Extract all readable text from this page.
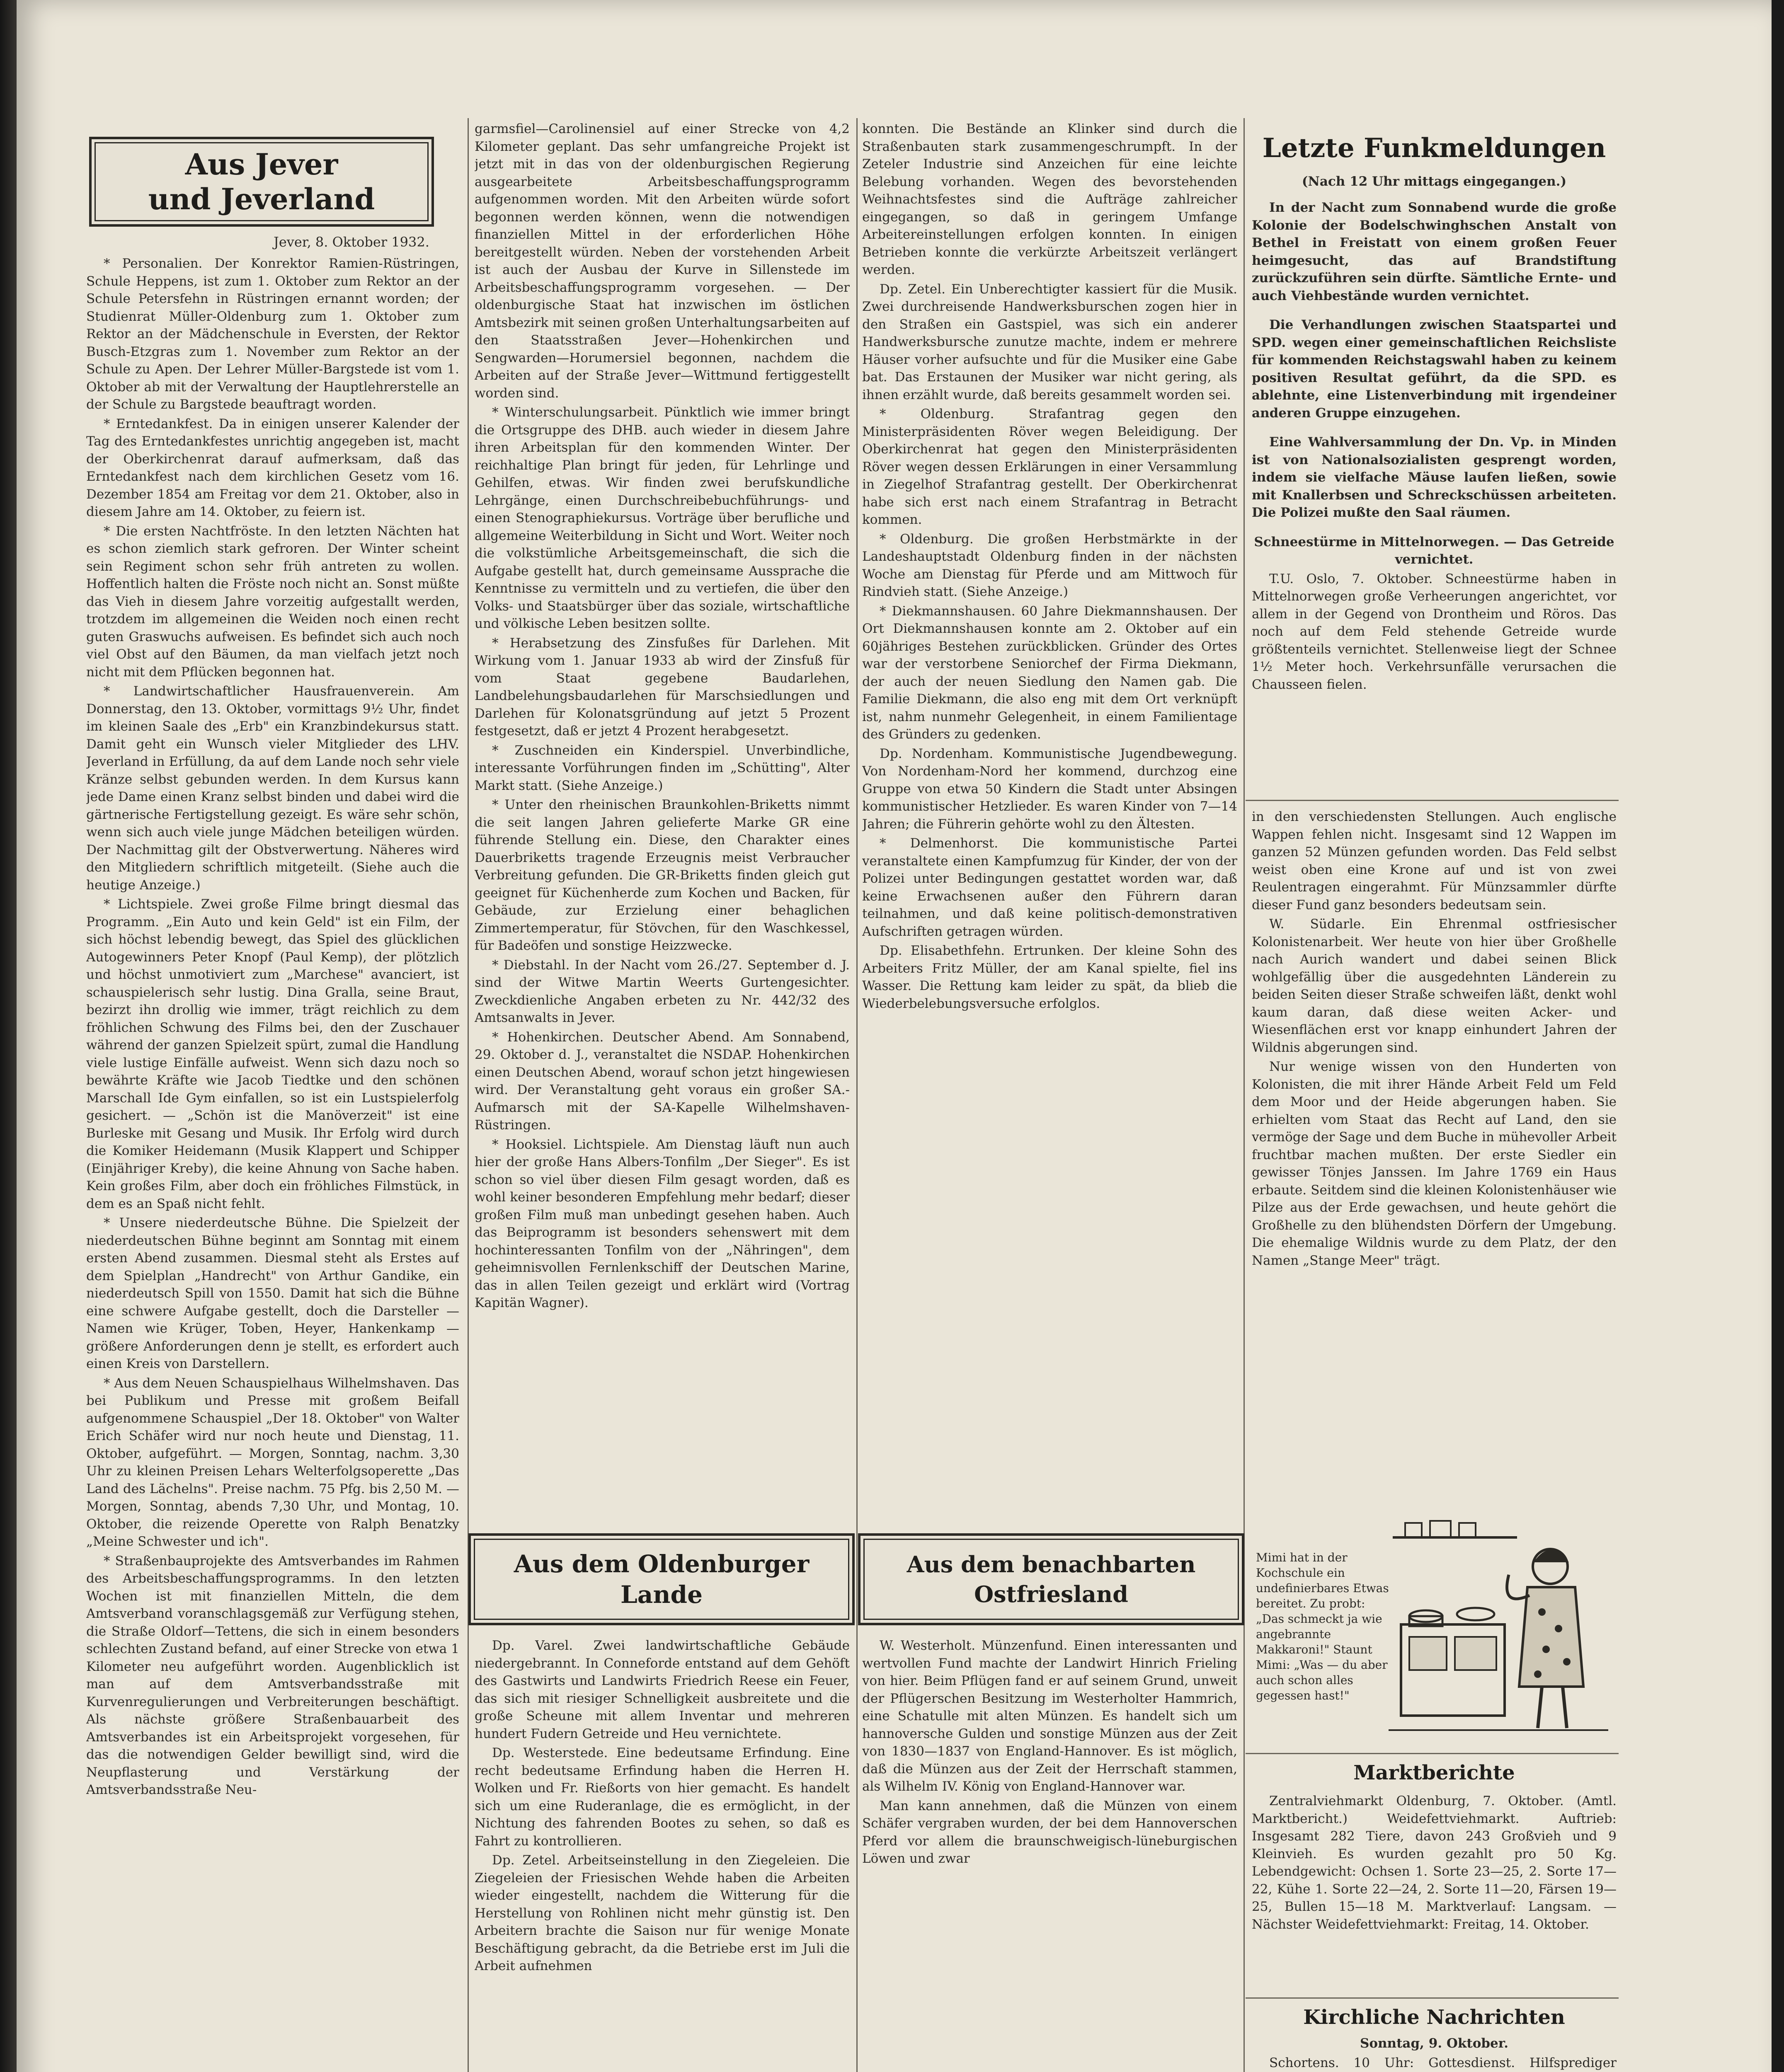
Aus Jever
und Jeverland
Jever, 8. Oktober 1932.

* Personalien. Der Konrektor Ramien-Rüstringen, Schule Heppens, ist zum 1. Oktober zum Rektor an der Schule Petersfehn in Rüstringen ernannt worden; der Studienrat Müller-Oldenburg zum 1. Oktober zum Rektor an der Mädchenschule in Eversten, der Rektor Busch-Etzgras zum 1. November zum Rektor an der Schule zu Apen. Der Lehrer Müller-Bargstede ist vom 1. Oktober ab mit der Verwaltung der Hauptlehrerstelle an der Schule zu Bargstede beauftragt worden.

* Erntedankfest. Da in einigen unserer Kalender der Tag des Erntedankfestes unrichtig angegeben ist, macht der Oberkirchenrat darauf aufmerksam, daß das Erntedankfest nach dem kirchlichen Gesetz vom 16. Dezember 1854 am Freitag vor dem 21. Oktober, also in diesem Jahre am 14. Oktober, zu feiern ist.

* Die ersten Nachtfröste. In den letzten Nächten hat es schon ziemlich stark gefroren. Der Winter scheint sein Regiment schon sehr früh antreten zu wollen. Hoffentlich halten die Fröste noch nicht an. Sonst müßte das Vieh in diesem Jahre vorzeitig aufgestallt werden, trotzdem im allgemeinen die Weiden noch einen recht guten Graswuchs aufweisen. Es befindet sich auch noch viel Obst auf den Bäumen, da man vielfach jetzt noch nicht mit dem Pflücken begonnen hat.

* Landwirtschaftlicher Hausfrauenverein. Am Donnerstag, den 13. Oktober, vormittags 9½ Uhr, findet im kleinen Saale des „Erb" ein Kranzbindekursus statt. Damit geht ein Wunsch vieler Mitglieder des LHV. Jeverland in Erfüllung, da auf dem Lande noch sehr viele Kränze selbst gebunden werden. In dem Kursus kann jede Dame einen Kranz selbst binden und dabei wird die gärtnerische Fertigstellung gezeigt. Es wäre sehr schön, wenn sich auch viele junge Mädchen beteiligen würden. Der Nachmittag gilt der Obstverwertung. Näheres wird den Mitgliedern schriftlich mitgeteilt. (Siehe auch die heutige Anzeige.)

* Lichtspiele. Zwei große Filme bringt diesmal das Programm. „Ein Auto und kein Geld" ist ein Film, der sich höchst lebendig bewegt, das Spiel des glücklichen Autogewinners Peter Knopf (Paul Kemp), der plötzlich und höchst unmotiviert zum „Marchese" avanciert, ist schauspielerisch sehr lustig. Dina Gralla, seine Braut, bezirzt ihn drollig wie immer, trägt reichlich zu dem fröhlichen Schwung des Films bei, den der Zuschauer während der ganzen Spielzeit spürt, zumal die Handlung viele lustige Einfälle aufweist. Wenn sich dazu noch so bewährte Kräfte wie Jacob Tiedtke und den schönen Marschall Ide Gym einfallen, so ist ein Lustspielerfolg gesichert. — „Schön ist die Manöverzeit" ist eine Burleske mit Gesang und Musik. Ihr Erfolg wird durch die Komiker Heidemann (Musik Klappert und Schipper (Einjähriger Kreby), die keine Ahnung von Sache haben. Kein großes Film, aber doch ein fröhliches Filmstück, in dem es an Spaß nicht fehlt.

* Unsere niederdeutsche Bühne. Die Spielzeit der niederdeutschen Bühne beginnt am Sonntag mit einem ersten Abend zusammen. Diesmal steht als Erstes auf dem Spielplan „Handrecht" von Arthur Gandike, ein niederdeutsch Spill von 1550. Damit hat sich die Bühne eine schwere Aufgabe gestellt, doch die Darsteller — Namen wie Krüger, Toben, Heyer, Hankenkamp — größere Anforderungen denn je stellt, es erfordert auch einen Kreis von Darstellern.

* Aus dem Neuen Schauspielhaus Wilhelmshaven. Das bei Publikum und Presse mit großem Beifall aufgenommene Schauspiel „Der 18. Oktober" von Walter Erich Schäfer wird nur noch heute und Dienstag, 11. Oktober, aufgeführt. — Morgen, Sonntag, nachm. 3,30 Uhr zu kleinen Preisen Lehars Welterfolgsoperette „Das Land des Lächelns". Preise nachm. 75 Pfg. bis 2,50 M. — Morgen, Sonntag, abends 7,30 Uhr, und Montag, 10. Oktober, die reizende Operette von Ralph Benatzky „Meine Schwester und ich".

* Straßenbauprojekte des Amtsverbandes im Rahmen des Arbeitsbeschaffungsprogramms. In den letzten Wochen ist mit finanziellen Mitteln, die dem Amtsverband voranschlagsgemäß zur Verfügung stehen, die Straße Oldorf—Tettens, die sich in einem besonders schlechten Zustand befand, auf einer Strecke von etwa 1 Kilometer neu aufgeführt worden. Augenblicklich ist man auf dem Amtsverbandsstraße mit Kurvenregulierungen und Verbreiterungen beschäftigt. Als nächste größere Straßenbauarbeit des Amtsverbandes ist ein Arbeitsprojekt vorgesehen, für das die notwendigen Gelder bewilligt sind, wird die Neupflasterung und Verstärkung der Amtsverbandsstraße Neu-

garmsfiel—Carolinensiel auf einer Strecke von 4,2 Kilometer geplant. Das sehr umfangreiche Projekt ist jetzt mit in das von der oldenburgischen Regierung ausgearbeitete Arbeitsbeschaffungsprogramm aufgenommen worden. Mit den Arbeiten würde sofort begonnen werden können, wenn die notwendigen finanziellen Mittel in der erforderlichen Höhe bereitgestellt würden. Neben der vorstehenden Arbeit ist auch der Ausbau der Kurve in Sillenstede im Arbeitsbeschaffungsprogramm vorgesehen. — Der oldenburgische Staat hat inzwischen im östlichen Amtsbezirk mit seinen großen Unterhaltungsarbeiten auf den Staatsstraßen Jever—Hohenkirchen und Sengwarden—Horumersiel begonnen, nachdem die Arbeiten auf der Straße Jever—Wittmund fertiggestellt worden sind.

* Winterschulungsarbeit. Pünktlich wie immer bringt die Ortsgruppe des DHB. auch wieder in diesem Jahre ihren Arbeitsplan für den kommenden Winter. Der reichhaltige Plan bringt für jeden, für Lehrlinge und Gehilfen, etwas. Wir finden zwei berufskundliche Lehrgänge, einen Durchschreibebuchführungs- und einen Stenographiekursus. Vorträge über berufliche und allgemeine Weiterbildung in Sicht und Wort. Weiter noch die volkstümliche Arbeitsgemeinschaft, die sich die Aufgabe gestellt hat, durch gemeinsame Aussprache die Kenntnisse zu vermitteln und zu vertiefen, die über den Volks- und Staatsbürger über das soziale, wirtschaftliche und völkische Leben besitzen sollte.

* Herabsetzung des Zinsfußes für Darlehen. Mit Wirkung vom 1. Januar 1933 ab wird der Zinsfuß für vom Staat gegebene Baudarlehen, Landbelehungsbaudarlehen für Marschsiedlungen und Darlehen für Kolonatsgründung auf jetzt 5 Prozent festgesetzt, daß er jetzt 4 Prozent herabgesetzt.

* Zuschneiden ein Kinderspiel. Unverbindliche, interessante Vorführungen finden im „Schütting", Alter Markt statt. (Siehe Anzeige.)

* Unter den rheinischen Braunkohlen-Briketts nimmt die seit langen Jahren gelieferte Marke GR eine führende Stellung ein. Diese, den Charakter eines Dauerbriketts tragende Erzeugnis meist Verbraucher Verbreitung gefunden. Die GR-Briketts finden gleich gut geeignet für Küchenherde zum Kochen und Backen, für Gebäude, zur Erzielung einer behaglichen Zimmertemperatur, für Stövchen, für den Waschkessel, für Badeöfen und sonstige Heizzwecke.

* Diebstahl. In der Nacht vom 26./27. September d. J. sind der Witwe Martin Weerts Gurtengesichter. Zweckdienliche Angaben erbeten zu Nr. 442/32 des Amtsanwalts in Jever.

* Hohenkirchen. Deutscher Abend. Am Sonnabend, 29. Oktober d. J., veranstaltet die NSDAP. Hohenkirchen einen Deutschen Abend, worauf schon jetzt hingewiesen wird. Der Veranstaltung geht voraus ein großer SA.-Aufmarsch mit der SA-Kapelle Wilhelmshaven-Rüstringen.

* Hooksiel. Lichtspiele. Am Dienstag läuft nun auch hier der große Hans Albers-Tonfilm „Der Sieger". Es ist schon so viel über diesen Film gesagt worden, daß es wohl keiner besonderen Empfehlung mehr bedarf; dieser großen Film muß man unbedingt gesehen haben. Auch das Beiprogramm ist besonders sehenswert mit dem hochinteressanten Tonfilm von der „Nähringen", dem geheimnisvollen Fernlenkschiff der Deutschen Marine, das in allen Teilen gezeigt und erklärt wird (Vortrag Kapitän Wagner).

Aus dem Oldenburger
Lande

Dp. Varel. Zwei landwirtschaftliche Gebäude niedergebrannt. In Conneforde entstand auf dem Gehöft des Gastwirts und Landwirts Friedrich Reese ein Feuer, das sich mit riesiger Schnelligkeit ausbreitete und die große Scheune mit allem Inventar und mehreren hundert Fudern Getreide und Heu vernichtete.

Dp. Westerstede. Eine bedeutsame Erfindung. Eine recht bedeutsame Erfindung haben die Herren H. Wolken und Fr. Rießorts von hier gemacht. Es handelt sich um eine Ruderanlage, die es ermöglicht, in der Nichtung des fahrenden Bootes zu sehen, so daß es Fahrt zu kontrollieren.

Dp. Zetel. Arbeitseinstellung in den Ziegeleien. Die Ziegeleien der Friesischen Wehde haben die Arbeiten wieder eingestellt, nachdem die Witterung für die Herstellung von Rohlinen nicht mehr günstig ist. Den Arbeitern brachte die Saison nur für wenige Monate Beschäftigung gebracht, da die Betriebe erst im Juli die Arbeit aufnehmen

konnten. Die Bestände an Klinker sind durch die Straßenbauten stark zusammengeschrumpft. In der Zeteler Industrie sind Anzeichen für eine leichte Belebung vorhanden. Wegen des bevorstehenden Weihnachtsfestes sind die Aufträge zahlreicher eingegangen, so daß in geringem Umfange Arbeitereinstellungen erfolgen konnten. In einigen Betrieben konnte die verkürzte Arbeitszeit verlängert werden.

Dp. Zetel. Ein Unberechtigter kassiert für die Musik. Zwei durchreisende Handwerksburschen zogen hier in den Straßen ein Gastspiel, was sich ein anderer Handwerksbursche zunutze machte, indem er mehrere Häuser vorher aufsuchte und für die Musiker eine Gabe bat. Das Erstaunen der Musiker war nicht gering, als ihnen erzählt wurde, daß bereits gesammelt worden sei.

* Oldenburg. Strafantrag gegen den Ministerpräsidenten Röver wegen Beleidigung. Der Oberkirchenrat hat gegen den Ministerpräsidenten Röver wegen dessen Erklärungen in einer Versammlung in Ziegelhof Strafantrag gestellt. Der Oberkirchenrat habe sich erst nach einem Strafantrag in Betracht kommen.

* Oldenburg. Die großen Herbstmärkte in der Landeshauptstadt Oldenburg finden in der nächsten Woche am Dienstag für Pferde und am Mittwoch für Rindvieh statt. (Siehe Anzeige.)

* Diekmannshausen. 60 Jahre Diekmannshausen. Der Ort Diekmannshausen konnte am 2. Oktober auf ein 60jähriges Bestehen zurückblicken. Gründer des Ortes war der verstorbene Seniorchef der Firma Diekmann, der auch der neuen Siedlung den Namen gab. Die Familie Diekmann, die also eng mit dem Ort verknüpft ist, nahm nunmehr Gelegenheit, in einem Familientage des Gründers zu gedenken.

Dp. Nordenham. Kommunistische Jugendbewegung. Von Nordenham-Nord her kommend, durchzog eine Gruppe von etwa 50 Kindern die Stadt unter Absingen kommunistischer Hetzlieder. Es waren Kinder von 7—14 Jahren; die Führerin gehörte wohl zu den Ältesten.

* Delmenhorst. Die kommunistische Partei veranstaltete einen Kampfumzug für Kinder, der von der Polizei unter Bedingungen gestattet worden war, daß keine Erwachsenen außer den Führern daran teilnahmen, und daß keine politisch-demonstrativen Aufschriften getragen würden.

Dp. Elisabethfehn. Ertrunken. Der kleine Sohn des Arbeiters Fritz Müller, der am Kanal spielte, fiel ins Wasser. Die Rettung kam leider zu spät, da blieb die Wiederbelebungsversuche erfolglos.

Aus dem benachbarten
Ostfriesland

W. Westerholt. Münzenfund. Einen interessanten und wertvollen Fund machte der Landwirt Hinrich Frieling von hier. Beim Pflügen fand er auf seinem Grund, unweit der Pflügerschen Besitzung im Westerholter Hammrich, eine Schatulle mit alten Münzen. Es handelt sich um hannoversche Gulden und sonstige Münzen aus der Zeit von 1830—1837 von England-Hannover. Es ist möglich, daß die Münzen aus der Zeit der Herrschaft stammen, als Wilhelm IV. König von England-Hannover war.

Man kann annehmen, daß die Münzen von einem Schäfer vergraben wurden, der bei dem Hannoverschen Pferd vor allem die braunschweigisch-lüneburgischen Löwen und zwar

Letzte Funkmeldungen
(Nach 12 Uhr mittags eingegangen.)

In der Nacht zum Sonnabend wurde die große Kolonie der Bodelschwinghschen Anstalt von Bethel in Freistatt von einem großen Feuer heimgesucht, das auf Brandstiftung zurückzuführen sein dürfte. Sämtliche Ernte- und auch Viehbestände wurden vernichtet.

Die Verhandlungen zwischen Staatspartei und SPD. wegen einer gemeinschaftlichen Reichsliste für kommenden Reichstagswahl haben zu keinem positiven Resultat geführt, da die SPD. es ablehnte, eine Listenverbindung mit irgendeiner anderen Gruppe einzugehen.

Eine Wahlversammlung der Dn. Vp. in Minden ist von Nationalsozialisten gesprengt worden, indem sie vielfache Mäuse laufen ließen, sowie mit Knallerbsen und Schreckschüssen arbeiteten. Die Polizei mußte den Saal räumen.

Schneestürme in Mittelnorwegen. — Das Getreide vernichtet.

T.U. Oslo, 7. Oktober. Schneestürme haben in Mittelnorwegen große Verheerungen angerichtet, vor allem in der Gegend von Drontheim und Röros. Das noch auf dem Feld stehende Getreide wurde größtenteils vernichtet. Stellenweise liegt der Schnee 1½ Meter hoch. Verkehrsunfälle verursachen die Chausseen fielen.

in den verschiedensten Stellungen. Auch englische Wappen fehlen nicht. Insgesamt sind 12 Wappen im ganzen 52 Münzen gefunden worden. Das Feld selbst weist oben eine Krone auf und ist von zwei Reulentragen eingerahmt. Für Münzsammler dürfte dieser Fund ganz besonders bedeutsam sein.

W. Südarle. Ein Ehrenmal ostfriesischer Kolonistenarbeit. Wer heute von hier über Großhelle nach Aurich wandert und dabei seinen Blick wohlgefällig über die ausgedehnten Länderein zu beiden Seiten dieser Straße schweifen läßt, denkt wohl kaum daran, daß diese weiten Acker- und Wiesenflächen erst vor knapp einhundert Jahren der Wildnis abgerungen sind.

Nur wenige wissen von den Hunderten von Kolonisten, die mit ihrer Hände Arbeit Feld um Feld dem Moor und der Heide abgerungen haben. Sie erhielten vom Staat das Recht auf Land, den sie vermöge der Sage und dem Buche in mühevoller Arbeit fruchtbar machen mußten. Der erste Siedler ein gewisser Tönjes Janssen. Im Jahre 1769 ein Haus erbaute. Seitdem sind die kleinen Kolonistenhäuser wie Pilze aus der Erde gewachsen, und heute gehört die Großhelle zu den blühendsten Dörfern der Umgebung. Die ehemalige Wildnis wurde zu dem Platz, der den Namen „Stange Meer" trägt.

Mimi hat in der Kochschule ein undefinierbares Etwas bereitet. Zu probt: „Das schmeckt ja wie angebrannte Makkaroni!" Staunt Mimi: „Was — du aber auch schon alles gegessen hast!"
Marktberichte

Zentralviehmarkt Oldenburg, 7. Oktober. (Amtl. Marktbericht.) Weidefettviehmarkt. Auftrieb: Insgesamt 282 Tiere, davon 243 Großvieh und 9 Kleinvieh. Es wurden gezahlt pro 50 Kg. Lebendgewicht: Ochsen 1. Sorte 23—25, 2. Sorte 17—22, Kühe 1. Sorte 22—24, 2. Sorte 11—20, Färsen 19—25, Bullen 15—18 M. Marktverlauf: Langsam. — Nächster Weidefettviehmarkt: Freitag, 14. Oktober.

Kirchliche Nachrichten

Sonntag, 9. Oktober.

Schortens. 10 Uhr: Gottesdienst. Hilfsprediger
